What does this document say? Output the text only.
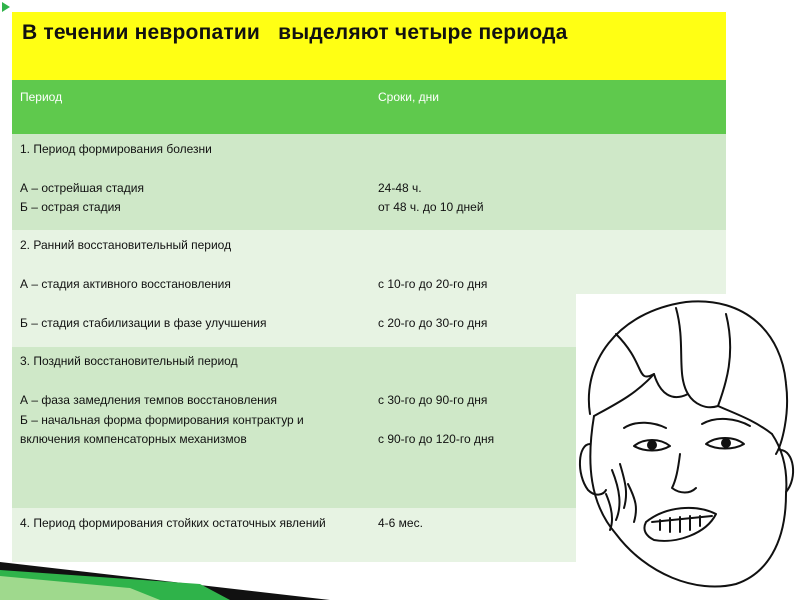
В течении невропатии   выделяют четыре периода
Период	Сроки, дни
1. Период формирования болезни
А – острейшая стадия
Б – острая стадия
24-48 ч.
от 48 ч. до 10 дней
2. Ранний восстановительный период
А – стадия активного восстановления
Б – стадия стабилизации в фазе улучшения
с 10-го до 20-го дня
с 20-го до 30-го дня
3. Поздний восстановительный период
А – фаза замедления темпов восстановления
Б – начальная форма формирования контрактур и
включения компенсаторных механизмов
с 30-го до 90-го дня
с 90-го до 120-го дня
4. Период формирования стойких остаточных явлений	4-6 мес.
